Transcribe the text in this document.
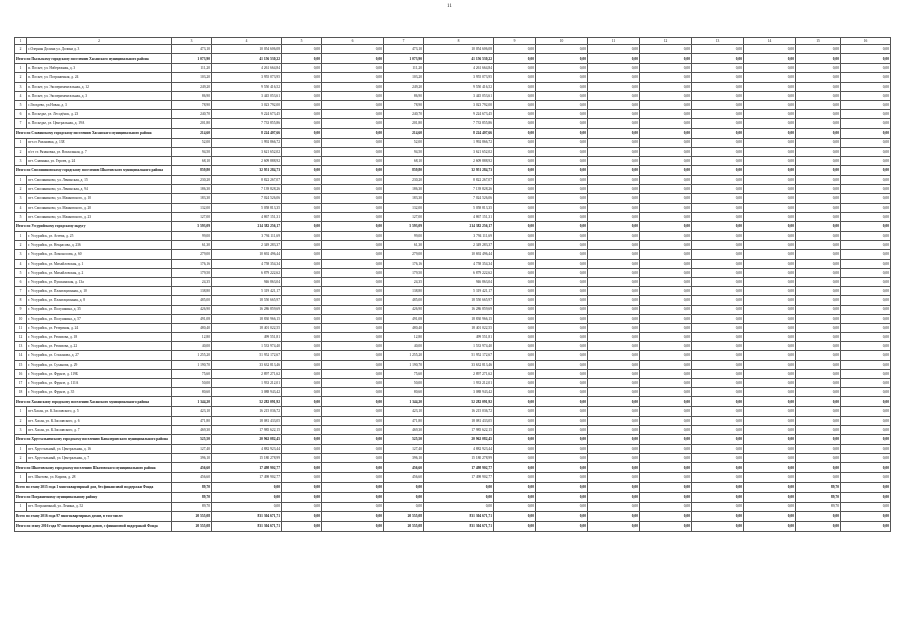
11
1	2	3	4	5	6	7	8	9	10	11	12	13	14	15	16
2	с.Озерная Долина ул. Долина д. 3	473,10	10 054 606,08	0,00	0,00	473,10	10 054 606,08	0,00	0,00	0,00	0,00	0,00	0,00	0,00	0,00
Итого по Пыльскому городскому поселению Хасанского муниципального района		1 073,90	41 156 530,22	0,00	0,00	1 073,90	41 156 530,22	0,00	0,00	0,00	0,00	0,00	0,00	0,00	0,00
1	п. Посьет, ул. Набережная, д. 3	111,20	4 261 664,84	0,00	0,00	111,20	4 261 664,84	0,00	0,00	0,00	0,00	0,00	0,00	0,00	0,00
2	п. Посьет, ул. Пограничная, д. 24	103,20	3 955 073,95	0,00	0,00	103,20	3 955 073,95	0,00	0,00	0,00	0,00	0,00	0,00	0,00	0,00
3	п. Посьет, ул. Экспериментальная, д. 12	249,20	9 550 416,52	0,00	0,00	249,20	9 550 416,52	0,00	0,00	0,00	0,00	0,00	0,00	0,00	0,00
4	п. Посьет, ул. Экспериментальная, д. 3	86,90	3 445 053,61	0,00	0,00	86,90	3 445 053,61	0,00	0,00	0,00	0,00	0,00	0,00	0,00	0,00
5	с.Гвоздево, ул.Новая, д. 3	78,90	3 023 792,00	0,00	0,00	78,90	3 023 792,00	0,00	0,00	0,00	0,00	0,00	0,00	0,00	0,00
6	п. Посьедье, ул. Лесодёнск, д. 23	240,70	9 224 673,45	0,00	0,00	240,70	9 224 673,45	0,00	0,00	0,00	0,00	0,00	0,00	0,00	0,00
7	п. Посьедье, ул. Центральная, д. 19А	201,80	7 733 855,86	0,00	0,00	201,80	7 733 855,86	0,00	0,00	0,00	0,00	0,00	0,00	0,00	0,00
Итого по Славянскому городскому поселению Хасанского муниципального района		214,60	8 224 407,66	0,00	0,00	214,60	8 224 407,66	0,00	0,00	0,00	0,00	0,00	0,00	0,00	0,00
1	пгт.ст. Рязановка, д. 13Е	52,00	1 992 866,72	0,00	0,00	52,00	1 992 866,72	0,00	0,00	0,00	0,00	0,00	0,00	0,00	0,00
2	п/ст ст. Рязановка, ул. Вокзальная, д. 7	94,50	3 621 652,02	0,00	0,00	94,50	3 621 652,02	0,00	0,00	0,00	0,00	0,00	0,00	0,00	0,00
3	пгт. Славянка, ул. Героев, д. 24	68,10	2 609 888,92	0,00	0,00	68,10	2 609 888,92	0,00	0,00	0,00	0,00	0,00	0,00	0,00	0,00
Итого по Смоляниновскому городскому поселению Шкотовского муниципального района		859,80	32 951 284,73	0,00	0,00	859,80	32 951 284,73	0,00	0,00	0,00	0,00	0,00	0,00	0,00	0,00
1	пгт. Смоляниново, ул. Ленинская, д. 15	230,20	8 822 267,07	0,00	0,00	230,20	8 822 267,07	0,00	0,00	0,00	0,00	0,00	0,00	0,00	0,00
2	пгт. Смоляниново, ул. Ленинская, д. 94	186,30	7 139 828,26	0,00	0,00	186,30	7 139 828,26	0,00	0,00	0,00	0,00	0,00	0,00	0,00	0,00
3	пгт. Смоляниново, ул. Маяковского, д. 10	183,30	7 024 526,06	0,00	0,00	183,30	7 024 526,06	0,00	0,00	0,00	0,00	0,00	0,00	0,00	0,00
4	пгт. Смоляниново, ул. Маяковского, д. 20	132,00	5 058 813,35	0,00	0,00	132,00	5 058 813,35	0,00	0,00	0,00	0,00	0,00	0,00	0,00	0,00
5	пгт. Смоляниново, ул. Маяковского, д. 23	127,00	4 867 151,31	0,00	0,00	127,00	4 867 151,31	0,00	0,00	0,00	0,00	0,00	0,00	0,00	0,00
Итого по Уссурийскому городскому округу		5 593,09	214 382 256,17	0,00	0,00	5 593,09	214 382 256,17	0,00	0,00	0,00	0,00	0,00	0,00	0,00	0,00
1	г. Уссурийск, ул. Агеева, д. 25	99,00	3 794 111,69	0,00	0,00	99,00	3 794 111,69	0,00	0,00	0,00	0,00	0,00	0,00	0,00	0,00
2	г. Уссурийск, ул. Некрасова, д. 236	61,30	2 349 283,37	0,00	0,00	61,30	2 349 283,37	0,00	0,00	0,00	0,00	0,00	0,00	0,00	0,00
3	г. Уссурийск, ул. Ломоносова, д. 60	279,00	10 692 496,44	0,00	0,00	279,00	10 692 496,44	0,00	0,00	0,00	0,00	0,00	0,00	0,00	0,00
4	г. Уссурийск, ул. Михайловская, д. 1	176,16	4 758 354,34	0,00	0,00	176,16	4 758 354,34	0,00	0,00	0,00	0,00	0,00	0,00	0,00	0,00
5	г. Уссурийск, ул. Михайловская, д. 2	179,50	6 879 222,62	0,00	0,00	179,50	6 879 222,62	0,00	0,00	0,00	0,00	0,00	0,00	0,00	0,00
6	г. Уссурийск, ул. Пушкинская, д. 13а	24,35	946 863,04	0,00	0,00	24,35	946 863,04	0,00	0,00	0,00	0,00	0,00	0,00	0,00	0,00
7	г. Уссурийск, ул. Плантационная, д. 10	138,80	5 319 421,17	0,00	0,00	138,80	5 319 421,17	0,00	0,00	0,00	0,00	0,00	0,00	0,00	0,00
8	г. Уссурийск, ул. Плантационная, д. 8	485,00	18 550 665,97	0,00	0,00	485,00	18 550 665,97	0,00	0,00	0,00	0,00	0,00	0,00	0,00	0,00
9	г. Уссурийск, ул. Полушкина, д. 35	426,90	16 286 859,69	0,00	0,00	426,90	16 286 859,69	0,00	0,00	0,00	0,00	0,00	0,00	0,00	0,00
10	г. Уссурийск, ул. Полушкина, д. 57	491,08	18 830 966,15	0,00	0,00	491,08	18 830 966,15	0,00	0,00	0,00	0,00	0,00	0,00	0,00	0,00
11	г. Уссурийск, ул. Резервная, д. 24	480,40	18 401 022,55	0,00	0,00	480,40	18 401 022,55	0,00	0,00	0,00	0,00	0,00	0,00	0,00	0,00
12	г. Уссурийск, ул. Ремизова, д. 18	12,80	499 551,81	0,00	0,00	12,80	499 551,81	0,00	0,00	0,00	0,00	0,00	0,00	0,00	0,00
13	г. Уссурийск, ул. Ремизова, д. 22	40,00	1 533 974,40	0,00	0,00	40,00	1 533 974,40	0,00	0,00	0,00	0,00	0,00	0,00	0,00	0,00
14	г. Уссурийск, ул. Стаханова, д. 27	1 255,20	51 952 172,67	0,00	0,00	1 255,20	51 952 172,67	0,00	0,00	0,00	0,00	0,00	0,00	0,00	0,00
15	г. Уссурийск, ул. Суханова, д. 29	1 190,70	33 632 813,46	0,00	0,00	1 190,70	33 632 813,46	0,00	0,00	0,00	0,00	0,00	0,00	0,00	0,00
16	г. Уссурийск, ул. Фрунзе, д. 119Б	75,60	2 897 271,62	0,00	0,00	75,60	2 897 271,62	0,00	0,00	0,00	0,00	0,00	0,00	0,00	0,00
17	г. Уссурийск, ул. Фрунзе, д. 111А	50,00	1 933 212,01	0,00	0,00	50,00	1 933 212,01	0,00	0,00	0,00	0,00	0,00	0,00	0,00	0,00
18	г. Уссурийск, ул. Фрунзе, д. 35	80,60	3 088 943,42	0,00	0,00	80,60	3 088 943,42	0,00	0,00	0,00	0,00	0,00	0,00	0,00	0,00
Итого по Хасанскому городскому поселению Хасанского муниципального района		1 344,20	52 282 091,92	0,00	0,00	1 344,20	52 282 091,92	0,00	0,00	0,00	0,00	0,00	0,00	0,00	0,00
1	пгт.Хасан, ул. К.Заславского, д. 5	423,10	16 215 036,72	0,00	0,00	423,10	16 215 036,72	0,00	0,00	0,00	0,00	0,00	0,00	0,00	0,00
2	пгт. Хасан, ул. К.Заславского, д. 6	471,80	18 081 433,05	0,00	0,00	471,80	18 081 433,05	0,00	0,00	0,00	0,00	0,00	0,00	0,00	0,00
3	пгт. Хасан, ул. К.Заславского, д. 7	469,30	17 985 622,15	0,00	0,00	469,30	17 985 622,15	0,00	0,00	0,00	0,00	0,00	0,00	0,00	0,00
Итого по Хрустальненскому городскому поселению Кавалеровского муниципального района		525,50	20 962 082,45	0,00	0,00	525,50	20 962 082,45	0,00	0,00	0,00	0,00	0,00	0,00	0,00	0,00
1	пгт. Хрустальный, ул. Центральная, д. 16	127,40	4 882 923,44	0,00	0,00	127,40	4 882 923,44	0,00	0,00	0,00	0,00	0,00	0,00	0,00	0,00
2	пгт. Хрустальный, ул. Центральная, д. 7	396,10	15 180 278,99	0,00	0,00	396,10	15 180 278,99	0,00	0,00	0,00	0,00	0,00	0,00	0,00	0,00
Итого по Шкотовскому городскому поселению Шкотовского муниципального района		456,60	17 498 902,77	0,00	0,00	456,60	17 498 902,77	0,00	0,00	0,00	0,00	0,00	0,00	0,00	0,00
1	пгт. Шкотово, ул. Кирова, д. 28	456,60	17 498 902,77	0,00	0,00	456,60	17 498 902,77	0,00	0,00	0,00	0,00	0,00	0,00	0,00	0,00
Всего по этапу 2015 года 1 многоквартирный дом, без финансовой поддержки Фонда		89,70	0,00	0,00	0,00	0,00	0,00	0,00	0,00	0,00	0,00	0,00	0,00	89,70	0,00
Итого по Пограничному муниципальному району		89,70	0,00	0,00	0,00	0,00	0,00	0,00	0,00	0,00	0,00	0,00	0,00	89,70	0,00
1	пгт. Пограничный, ул. Ленина, д. 52	89,70	0,00	0,00	0,00	0,00	0,00	0,00	0,00	0,00	0,00	0,00	0,00	89,70	0,00
Всего по этапу 2016 года 97 многоквартирных домов, в том числе:		20 555,08	831 304 671,71	0,00	0,00	20 555,08	831 304 671,71	0,00	0,00	0,00	0,00	0,00	0,00	0,00	0,00
Итого по этапу 2016 года 97 многоквартирных домов, с финансовой поддержкой Фонда		20 555,08	831 304 671,71	0,00	0,00	20 555,08	831 304 671,71	0,00	0,00	0,00	0,00	0,00	0,00	0,00	0,00
